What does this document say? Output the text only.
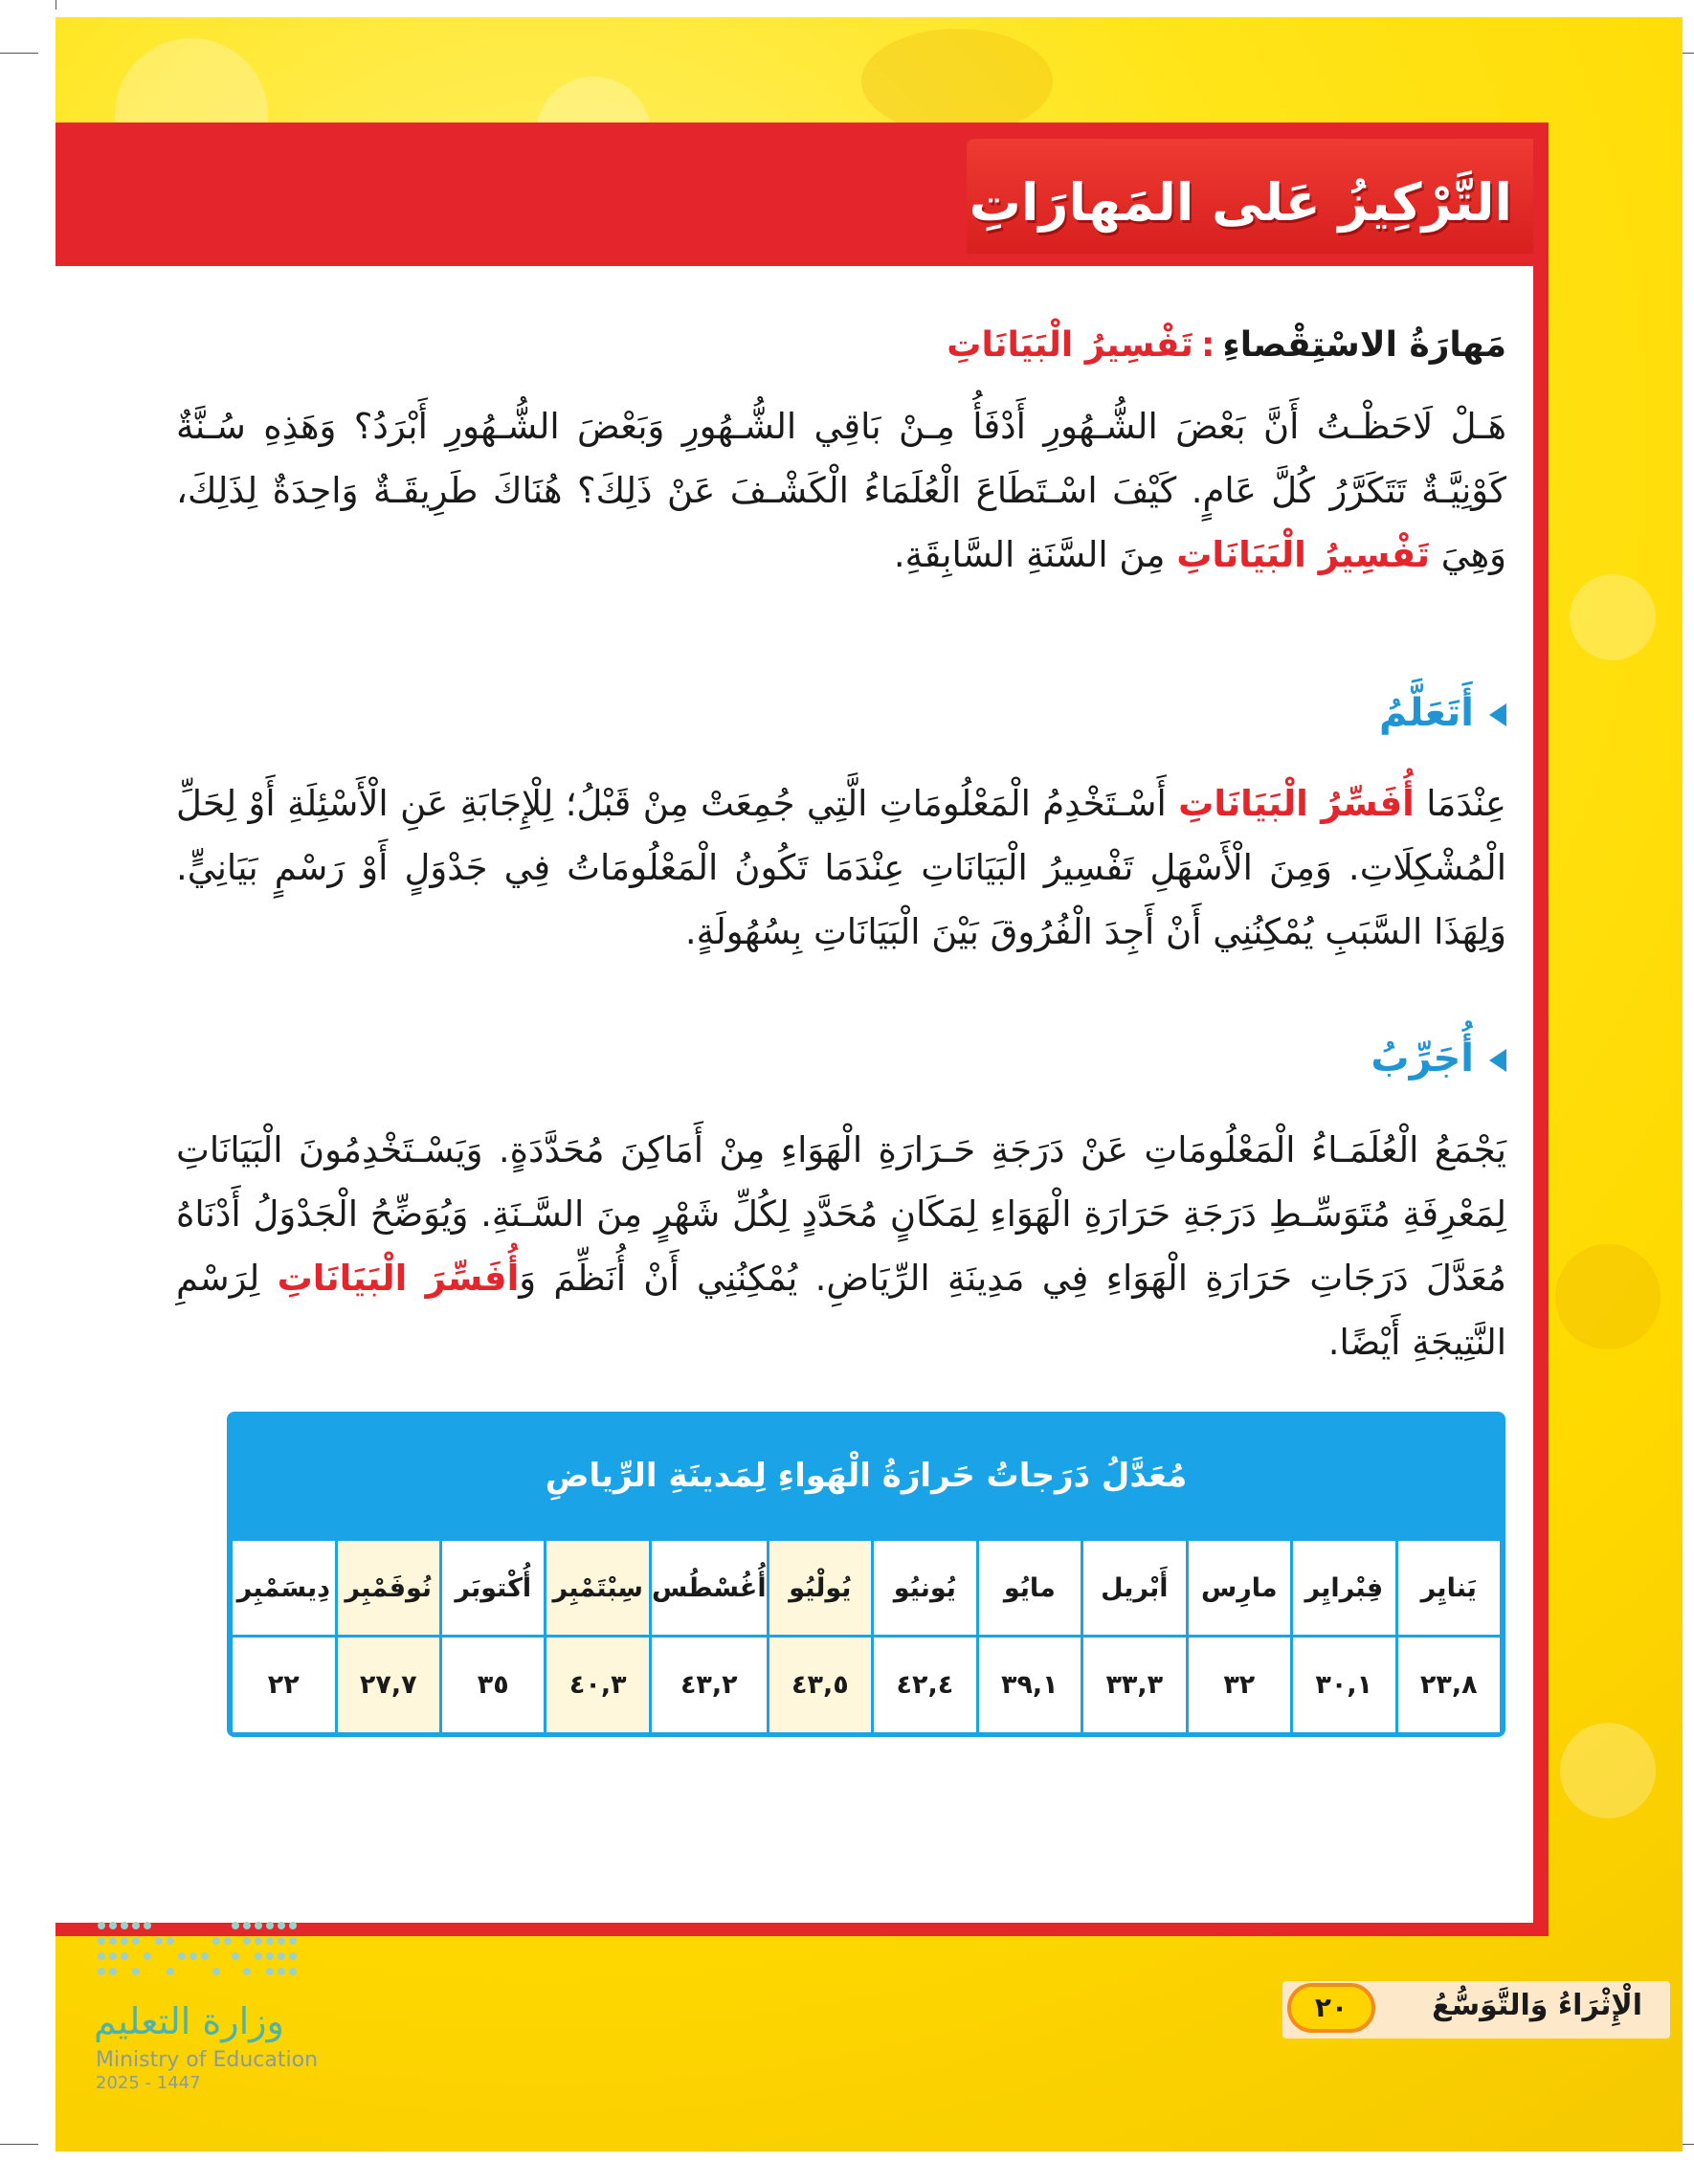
التَّرْكِيزُ عَلى المَهارَاتِ
مَهارَةُ الاسْتِقْصاءِ:تَفْسِيرُ الْبَيَانَاتِ

هَـلْ لَاحَظْـتُ أَنَّ بَعْضَ الشُّـهُورِ أَدْفَأُ مِـنْ بَاقِي الشُّـهُورِ وَبَعْضَ الشُّـهُورِ أَبْرَدُ؟ وَهَذِهِ سُـنَّةٌ كَوْنِيَّـةٌ تَتَكَرَّرُ كُلَّ عَامٍ. كَيْفَ اسْـتَطَاعَ الْعُلَمَاءُ الْكَشْـفَ عَنْ ذَلِكَ؟ هُنَاكَ طَرِيقَـةٌ وَاحِدَةٌ لِذَلِكَ، وَهِيَ تَفْسِيرُ الْبَيَانَاتِ مِنَ السَّنَةِ السَّابِقَةِ.

أَتَعَلَّمُ

عِنْدَمَا أُفَسِّرُ الْبَيَانَاتِ أَسْـتَخْدِمُ الْمَعْلُومَاتِ الَّتِي جُمِعَتْ مِنْ قَبْلُ؛ لِلْإِجَابَةِ عَنِ الْأَسْئِلَةِ أَوْ لِحَلِّ الْمُشْكِلَاتِ. وَمِنَ الْأَسْهَلِ تَفْسِيرُ الْبَيَانَاتِ عِنْدَمَا تَكُونُ الْمَعْلُومَاتُ فِي جَدْوَلٍ أَوْ رَسْمٍ بَيَانِيٍّ. وَلِهَذَا السَّبَبِ يُمْكِنُنِي أَنْ أَجِدَ الْفُرُوقَ بَيْنَ الْبَيَانَاتِ بِسُهُولَةٍ.

أُجَرِّبُ

يَجْمَعُ الْعُلَمَـاءُ الْمَعْلُومَاتِ عَنْ دَرَجَةِ حَـرَارَةِ الْهَوَاءِ مِنْ أَمَاكِنَ مُحَدَّدَةٍ. وَيَسْـتَخْدِمُونَ الْبَيَانَاتِ لِمَعْرِفَةِ مُتَوَسِّـطِ دَرَجَةِ حَرَارَةِ الْهَوَاءِ لِمَكَانٍ مُحَدَّدٍ لِكُلِّ شَهْرٍ مِنَ السَّـنَةِ. وَيُوَضِّحُ الْجَدْوَلُ أَدْنَاهُ مُعَدَّلَ دَرَجَاتِ حَرَارَةِ الْهَوَاءِ فِي مَدِينَةِ الرِّيَاضِ. يُمْكِنُنِي أَنْ أُنَظِّمَ وَأُفَسِّرَ الْبَيَانَاتِ لِرَسْمِ النَّتِيجَةِ أَيْضًا.

مُعَدَّلُ دَرَجاتُ حَرارَةُ الْهَواءِ لِمَدينَةِ الرِّياضِ
يَنايِر
فِبْرايِر
مارِس
أَبْريل
مايُو
يُونيُو
يُولْيُو
أُغُسْطُس
سِبْتَمْبِر
أُكْتوبَر
نُوفَمْبِر
دِيسَمْبِر
٢٣,٨
٣٠,١
٣٢
٣٣,٣
٣٩,١
٤٢,٤
٤٣,٥
٤٣,٢
٤٠,٣
٣٥
٢٧,٧
٢٢
الْإِثْرَاءُ وَالتَّوَسُّعُ
٢٠
وزارة التعليم
Ministry of Education
2025 - 1447
